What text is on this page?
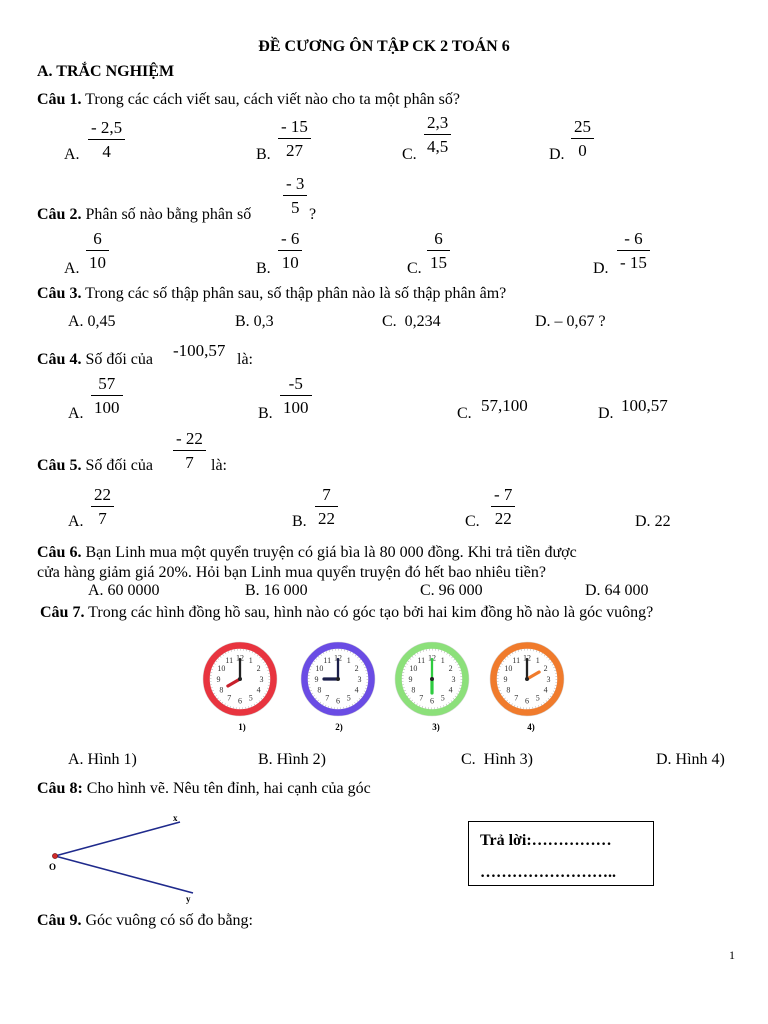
ĐỀ CƯƠNG ÔN TẬP CK 2 TOÁN 6
A. TRẮC NGHIỆM
Câu 1. Trong các cách viết sau, cách viết nào cho ta một phân số?
A. $\frac{- 2,5}{4}$	B. $\frac{- 15}{27}$	C. $\frac{2,3}{4,5}$	D. $\frac{25}{0}$
Câu 2. Phân số nào bằng phân số $\frac{- 3}{5}$ ?
A. $\frac{6}{10}$	B. $\frac{- 6}{10}$	C. $\frac{6}{15}$	D. $\frac{- 6}{- 15}$
Câu 3. Trong các số thập phân sau, số thập phân nào là số thập phân âm?
A. 0,45	B. 0,3	C.  0,234	D. – 0,67 ?
Câu 4. Số đối của -100,57 là:
A. $\frac{57}{100}$	B. $\frac{-5}{100}$	C. 57,100	D. 100,57
Câu 5. Số đối của $\frac{- 22}{7}$ là:
A. $\frac{22}{7}$	B. $\frac{7}{22}$	C. $\frac{- 7}{22}$	D. 22
Câu 6. Bạn Linh mua một quyển truyện có giá bìa là 80 000 đồng. Khi trả tiền được
cửa hàng giảm giá 20%. Hỏi bạn Linh mua quyển truyện đó hết bao nhiêu tiền?
A. 60 0000	B. 16 000	C. 96 000	D. 64 000
Câu 7. Trong các hình đồng hồ sau, hình nào có góc tạo bởi hai kim đồng hồ nào là góc vuông?
12 1
2
3
4
5
6
7
8
9
10
11	12 1
2
3
4
5
6
7
8
9
10
11	12 1
2
3
4
5
6
7
8
9
10
11	12 1
2
3
4
5
6
7
8
9
10
11
1)	2)	3)	4)
A. Hình 1)	B. Hình 2)	C.  Hình 3)	D. Hình 4)
Câu 8: Cho hình vẽ. Nêu tên đỉnh, hai cạnh của góc
x
O
y
Trả lời:……………
……………………..
Câu 9. Góc vuông có số đo bằng:
1
